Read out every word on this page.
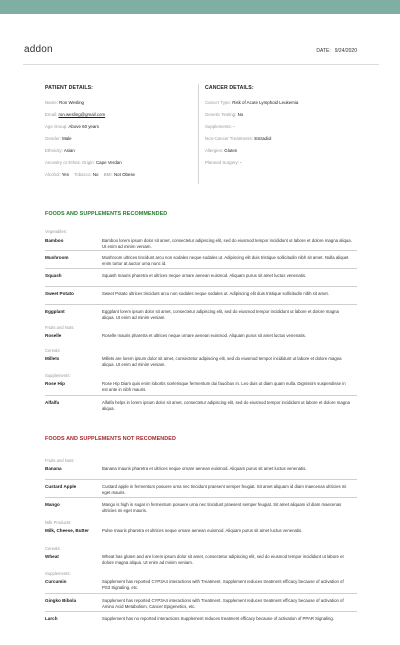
addon	DATE: 9/24/2020
PATIENT DETAILS:
Name: Ron Wesling
Email: ron.wesling@gmail.com
Age Group: Above 60 years
Gender: Male
Ethnicity: Asian
Ancestry or Ethnic Origin: Cape Verdan
Alcohol: Yes Tobacco: No BMI: Not Obese
CANCER DETAILS:
Cancer Type: Risk of Acute Lymphoid Leukemia
Genetic Testing: No
Supplements: -
Non-Cancer Treatments: Estradiol
Allergies: Gluten
Planned Surgery: -
FOODS AND SUPPLEMENTS RECOMMENDED
Vegetables:
Bamboo	Bamboo lorem ipsum dolor sit amet, consectetur adipiscing elit, sed do eiusmod tempor incididunt ut labore et dolore magna aliqua. Ut enim ad minim veniam.
Mushroom	Mushroom ultrices tincidunt arcu non sodales neque sodales ut. Adipiscing elit duis tristique sollicitudin nibh sit amet. Nulla aliquet enim tortor at auctor urna nunc id.
Squash	Squash mauris pharetra et ultrices neque ornare aenean euismod. Aliquam purus sit amet luctus venenatis.
Sweet Potato	Sweet Potato ultrices tincidunt arcu non sodales neque sodales ut. Adipiscing elit duis tristique sollicitudin nibh sit amet.
Eggplant	Eggplant lorem ipsum dolor sit amet, consectetur adipiscing elit, sed do eiusmod tempor incididunt ut labore et dolore magna aliqua. Ut enim ad minim veniam.
Fruits and Nuts:
Roselle	Roselle mauris pharetra et ultrices neque ornare aenean euismod. Aliquam purus sit amet luctus venenatis.
Cereals:
Millets	Millets are lorem ipsum dolor sit amet, consectetur adipiscing elit, sed do eiusmod tempor incididunt ut labore et dolore magna aliqua. Ut enim ad minim veniam.
Supplements:
Rose Hip	Rose Hip Diam quis enim lobortis scelerisque fermentum dui faucibus in. Leo duis ut diam quam nulla. Dignissim suspendisse in est ante in nibh mauris.
Alfalfa	Alfalfa helps in lorem ipsum dolor sit amet, consectetur adipiscing elit, sed do eiusmod tempor incididunt ut labore et dolore magna aliqua.
FOODS AND SUPPLEMENTS NOT RECOMENDED
Fruits and Nuts:
Banana	Banana mauris pharetra et ultrices neque ornare aenean euismod. Aliquam purus sit amet luctus venenatis.
Custard Apple	Custard apple in fermentum posuere urna nec tincidunt praesent semper feugiat. Sit amet aliquam id diam maecenas ultricies mi eget mauris.
Mango	Mango is high in sugar in fermentum posuere urna nec tincidunt praesent semper feugiat. Sit amet aliquam id diam maecenas ultricies mi eget mauris.
Milk Products:
Milk, Cheese, Butter	Pulse mauris pharetra et ultrices neque ornare aenean euismod. Aliquam purus sit amet luctus venenatis.
Cereals:
Wheat	Wheat has gluten and are lorem ipsum dolor sit amet, consectetur adipiscing elit, sed do eiusmod tempor incididunt ut labore et dolore magna aliqua. Ut enim ad minim veniam.
Supplements:
Curcumin	Supplement has reported CYP3A4 interactions with Treatment. Supplement reduces treatment efficacy because of activation of PS3 Signaling, etc.
Gingko Bibola	Supplement has reported CYP3A4 interactions with Treatment. Supplement reduces treatment efficacy because of activation of Amino Acid Metabolism, Cancer Epigenetics, etc.
Larch	Supplement has no reported interactions Supplement reduces treatment efficacy because of activation of PPAR Signaling.
